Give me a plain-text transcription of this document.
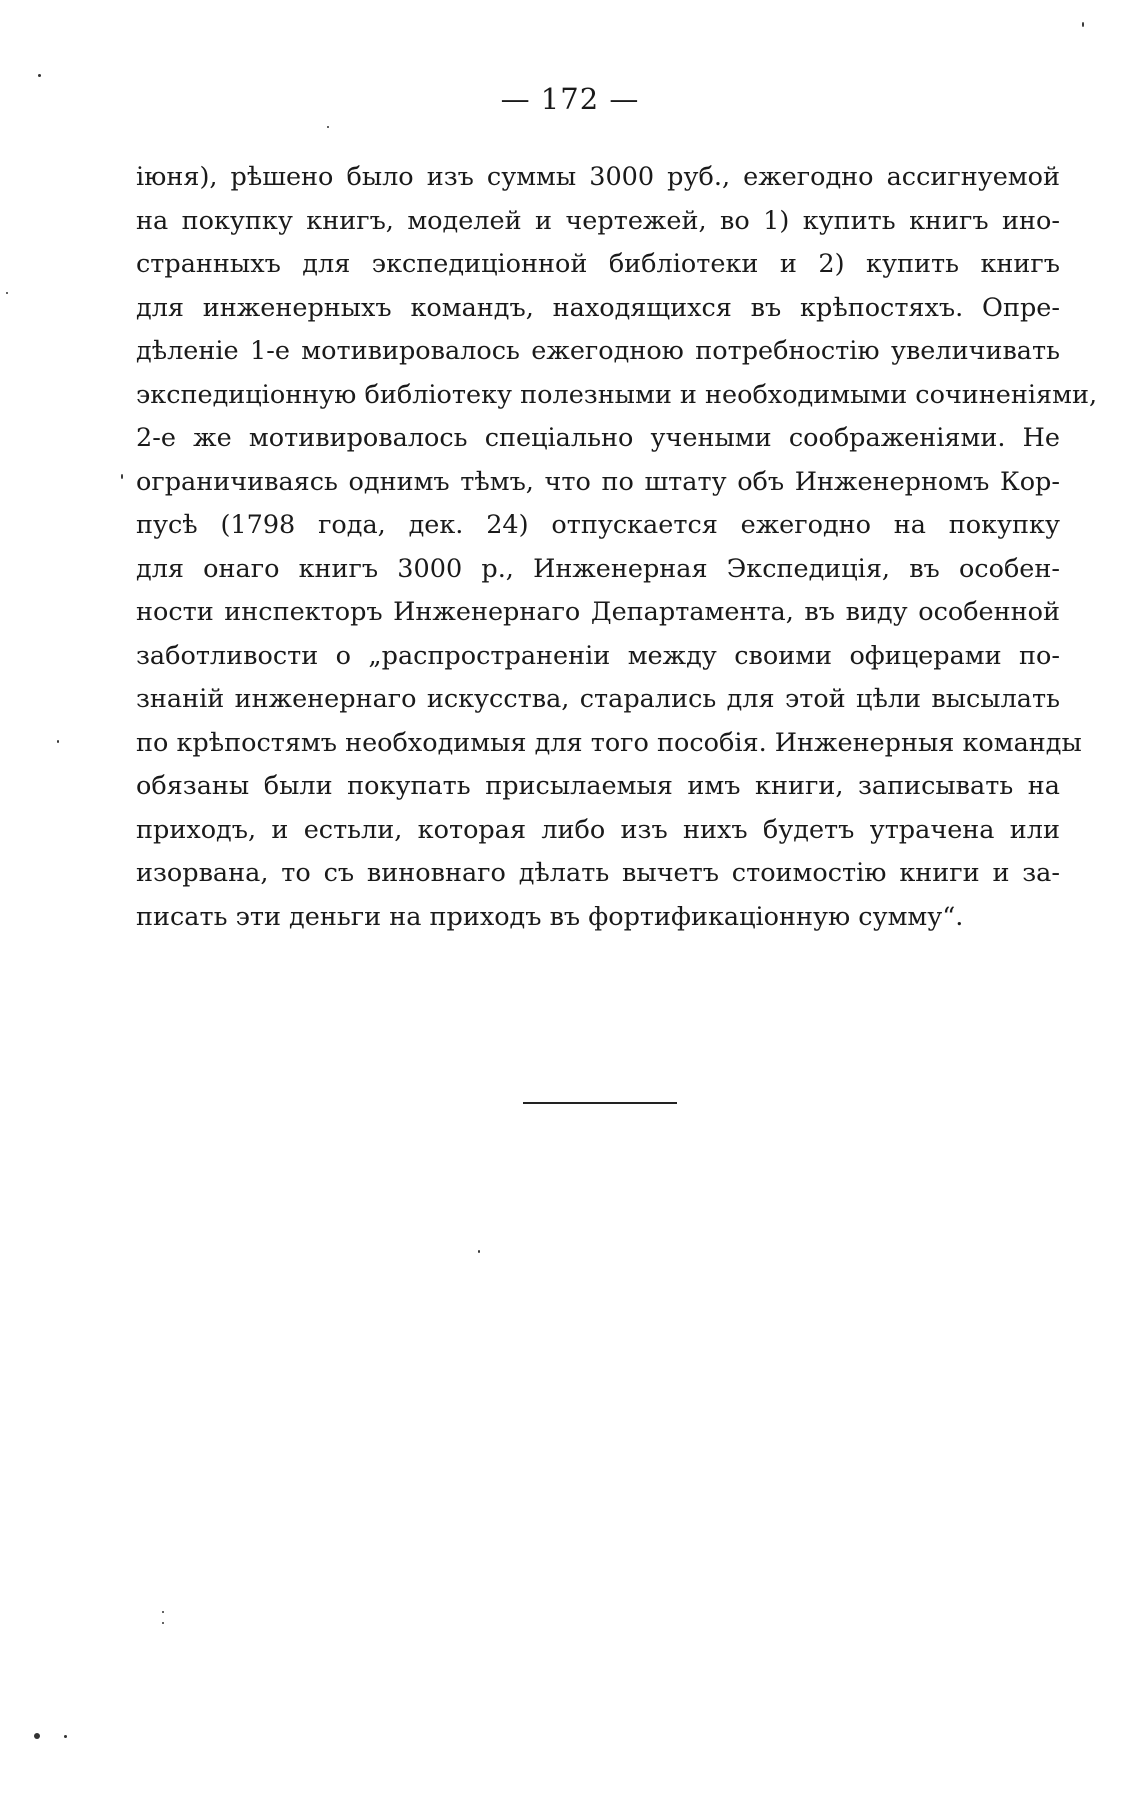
— 172 —
іюня), рѣшено было изъ суммы 3000 руб., ежегодно ассигнуемой
на покупку книгъ, моделей и чертежей, во 1) купить книгъ ино-
странныхъ для экспедиціонной библіотеки и 2) купить книгъ
для инженерныхъ командъ, находящихся въ крѣпостяхъ. Опре-
дѣленіе 1-е мотивировалось ежегодною потребностію увеличивать
экспедиціонную библіотеку полезными и необходимыми сочиненіями,
2-е же мотивировалось спеціально учеными соображеніями. Не
ограничиваясь однимъ тѣмъ, что по штату объ Инженерномъ Кор-
пусѣ (1798 года, дек. 24) отпускается ежегодно на покупку
для онаго книгъ 3000 р., Инженерная Экспедиція, въ особен-
ности инспекторъ Инженернаго Департамента, въ виду особенной
заботливости о „распространеніи между своими офицерами по-
знаній инженернаго искусства, старались для этой цѣли высылать
по крѣпостямъ необходимыя для того пособія. Инженерныя команды
обязаны были покупать присылаемыя имъ книги, записывать на
приходъ, и естьли, которая либо изъ нихъ будетъ утрачена или
изорвана, то съ виновнаго дѣлать вычетъ стоимостію книги и за-
писать эти деньги на приходъ въ фортификаціонную сумму“.
